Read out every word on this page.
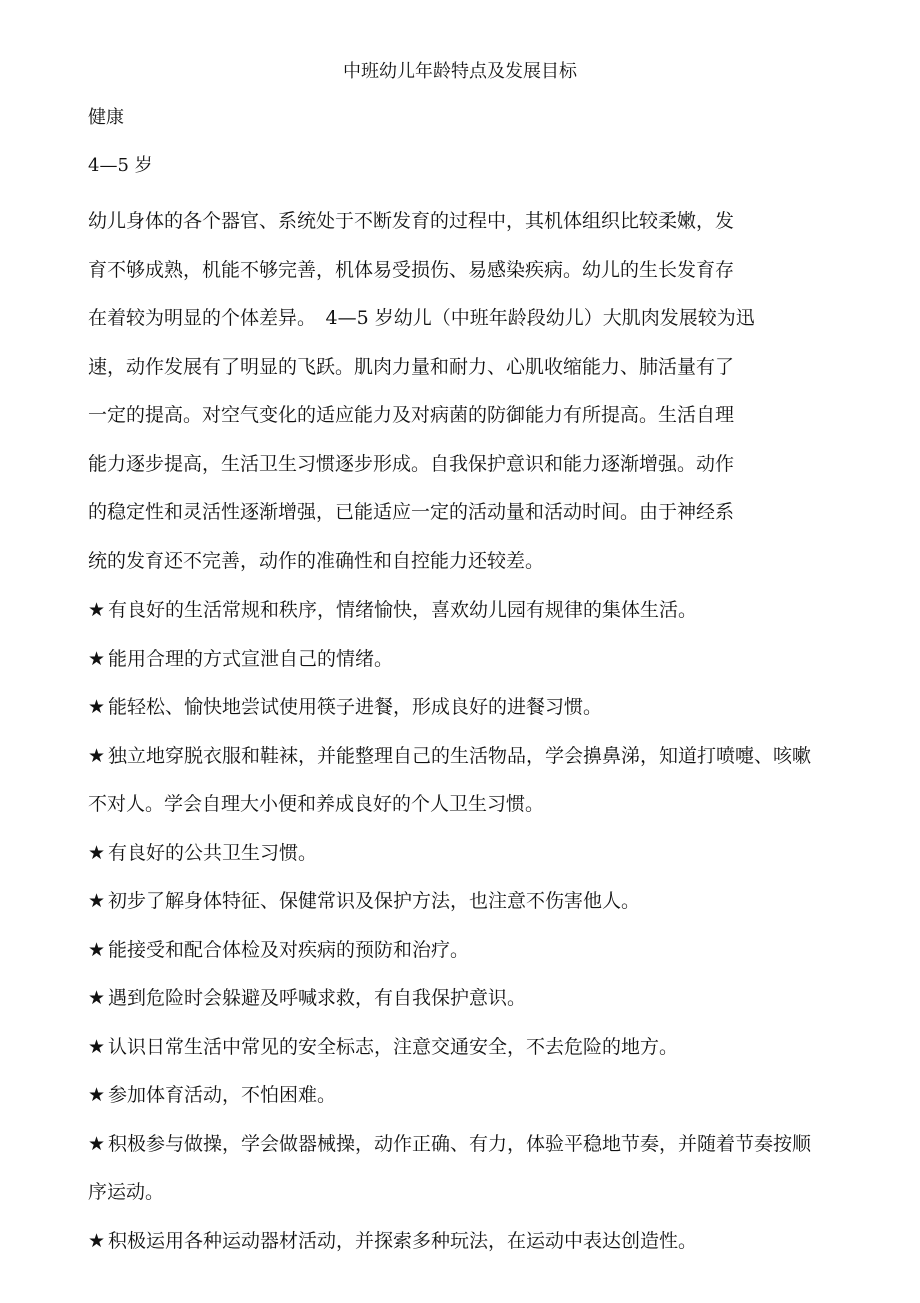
中班幼儿年龄特点及发展目标
健康
4—5 岁
幼儿身体的各个器官、系统处于不断发育的过程中，其机体组织比较柔嫩，发
育不够成熟，机能不够完善，机体易受损伤、易感染疾病。幼儿的生长发育存
在着较为明显的个体差异。　4—5 岁幼儿（中班年龄段幼儿）大肌肉发展较为迅
速，动作发展有了明显的飞跃。肌肉力量和耐力、心肌收缩能力、肺活量有了
一定的提高。对空气变化的适应能力及对病菌的防御能力有所提高。生活自理
能力逐步提高，生活卫生习惯逐步形成。自我保护意识和能力逐渐增强。动作
的稳定性和灵活性逐渐增强，已能适应一定的活动量和活动时间。由于神经系
统的发育还不完善，动作的准确性和自控能力还较差。
★ 有良好的生活常规和秩序，情绪愉快，喜欢幼儿园有规律的集体生活。
★ 能用合理的方式宣泄自己的情绪。
★ 能轻松、愉快地尝试使用筷子进餐，形成良好的进餐习惯。
★ 独立地穿脱衣服和鞋袜，并能整理自己的生活物品，学会擤鼻涕，知道打喷嚏、咳嗽不对人。学会自理大小便和养成良好的个人卫生习惯。
★ 有良好的公共卫生习惯。
★ 初步了解身体特征、保健常识及保护方法，也注意不伤害他人。
★ 能接受和配合体检及对疾病的预防和治疗。
★ 遇到危险时会躲避及呼喊求救，有自我保护意识。
★ 认识日常生活中常见的安全标志，注意交通安全，不去危险的地方。
★ 参加体育活动，不怕困难。
★ 积极参与做操，学会做器械操，动作正确、有力，体验平稳地节奏，并随着节奏按顺序运动。
★ 积极运用各种运动器材活动，并探索多种玩法，在运动中表达创造性。
